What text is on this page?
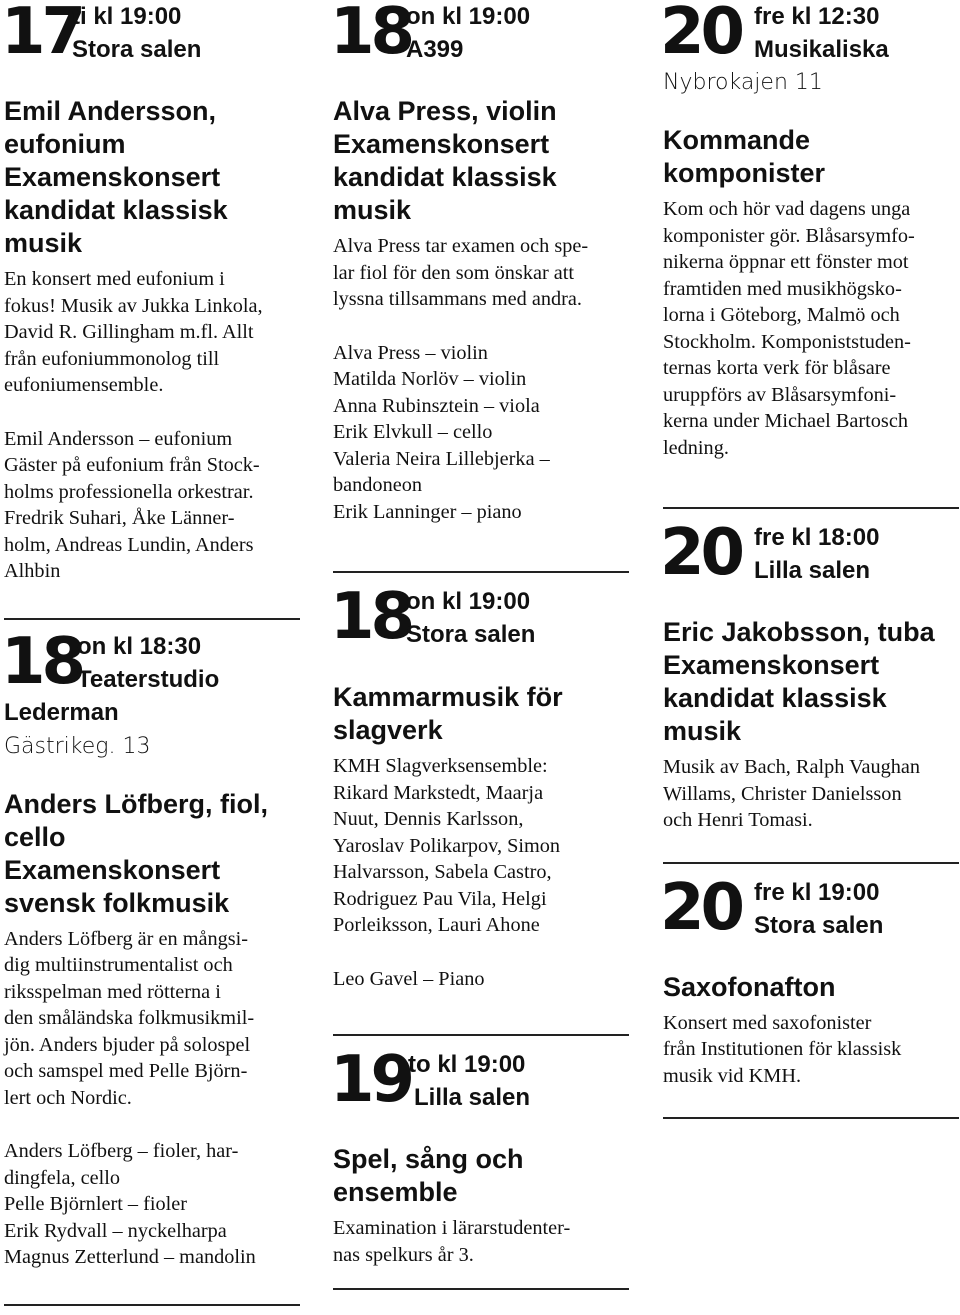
17
ti kl 19:00
Stora salen
Emil Andersson,
eufonium
Examenskonsert
kandidat klassisk
musik

En konsert med eufonium i
fokus! Musik av Jukka Linkola,
David R. Gillingham m.fl. Allt
från eufoniummonolog till
eufoniumensemble.

Emil Andersson – eufonium
Gäster på eufonium från Stock-
holms professionella orkestrar.
Fredrik Suhari, Åke Länner-
holm, Andreas Lundin, Anders
Alhbin

18
on kl 18:30
Teaterstudio
Lederman
Gästrikeg. 13
Anders Löfberg, fiol,
cello
Examenskonsert
svensk folkmusik

Anders Löfberg är en mångsi-
dig multiinstrumentalist och
riksspelman med rötterna i
den småländska folkmusikmil-
jön. Anders bjuder på solospel
och samspel med Pelle Björn-
lert och Nordic.

Anders Löfberg – fioler, har-
dingfela, cello
Pelle Björnlert – fioler
Erik Rydvall – nyckelharpa
Magnus Zetterlund – mandolin

18
on kl 19:00
A399
Alva Press, violin
Examenskonsert
kandidat klassisk
musik

Alva Press tar examen och spe-
lar fiol för den som önskar att
lyssna tillsammans med andra.

Alva Press – violin
Matilda Norlöv – violin
Anna Rubinsztein – viola
Erik Elvkull – cello
Valeria Neira Lillebjerka –
bandoneon
Erik Lanninger – piano

18
on kl 19:00
Stora salen
Kammarmusik för
slagverk

KMH Slagverksensemble:
Rikard Markstedt, Maarja
Nuut, Dennis Karlsson,
Yaroslav Polikarpov, Simon
Halvarsson, Sabela Castro,
Rodriguez Pau Vila, Helgi
Porleiksson, Lauri Ahone

Leo Gavel – Piano

19
to kl 19:00
Lilla salen
Spel, sång och
ensemble

Examination i lärarstudenter-
nas spelkurs år 3.

20 fre kl 12:30
Musikaliska
Nybrokajen 11
Kommande
komponister

Kom och hör vad dagens unga
komponister gör. Blåsarsymfo-
nikerna öppnar ett fönster mot
framtiden med musikhögsko-
lorna i Göteborg, Malmö och
Stockholm. Komponiststuden-
ternas korta verk för blåsare
uruppförs av Blåsarsymfoni-
kerna under Michael Bartosch
ledning.

20 fre kl 18:00
Lilla salen
Eric Jakobsson, tuba
Examenskonsert
kandidat klassisk
musik

Musik av Bach, Ralph Vaughan
Willams, Christer Danielsson
och Henri Tomasi.

20 fre kl 19:00
Stora salen
Saxofonafton

Konsert med saxofonister
från Institutionen för klassisk
musik vid KMH.
